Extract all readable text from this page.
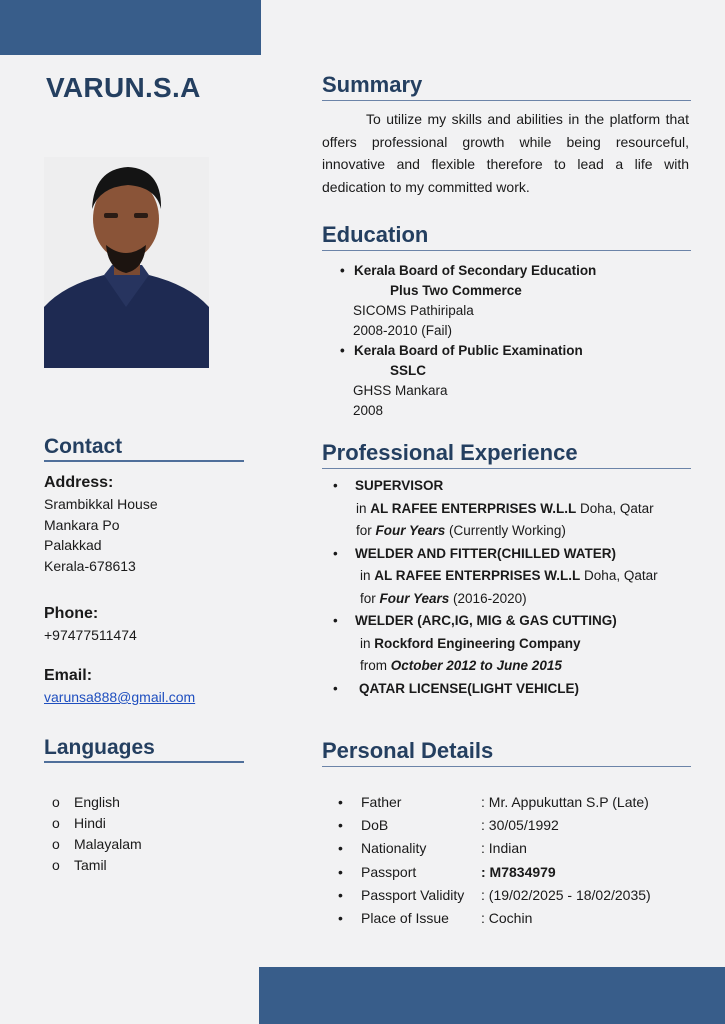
VARUN.S.A
Contact
Address:
Srambikkal House
Mankara Po
Palakkad
Kerala-678613
Phone:
+97477511474
Email:
varunsa888@gmail.com
Languages
o English
o Hindi
o Malayalam
o Tamil
Summary

To utilize my skills and abilities in the platform that offers professional growth while being resourceful, innovative and flexible therefore to lead a life with dedication to my committed work.

Education
• Kerala Board of Secondary Education
Plus Two Commerce
SICOMS Pathiripala
2008-2010 (Fail)
• Kerala Board of Public Examination
SSLC
GHSS Mankara
2008
Professional Experience
• SUPERVISOR
in AL RAFEE ENTERPRISES W.L.L Doha, Qatar
for Four Years (Currently Working)
• WELDER AND FITTER(CHILLED WATER)
in AL RAFEE ENTERPRISES W.L.L Doha, Qatar
for Four Years (2016-2020)
• WELDER (ARC,IG, MIG & GAS CUTTING)
in Rockford Engineering Company
from October 2012 to June 2015
• QATAR LICENSE(LIGHT VEHICLE)
Personal Details
• Father	: Mr. Appukuttan S.P (Late)
• DoB	: 30/05/1992
• Nationality	: Indian
• Passport	: M7834979
• Passport Validity : (19/02/2025 - 18/02/2035)
• Place of Issue : Cochin
